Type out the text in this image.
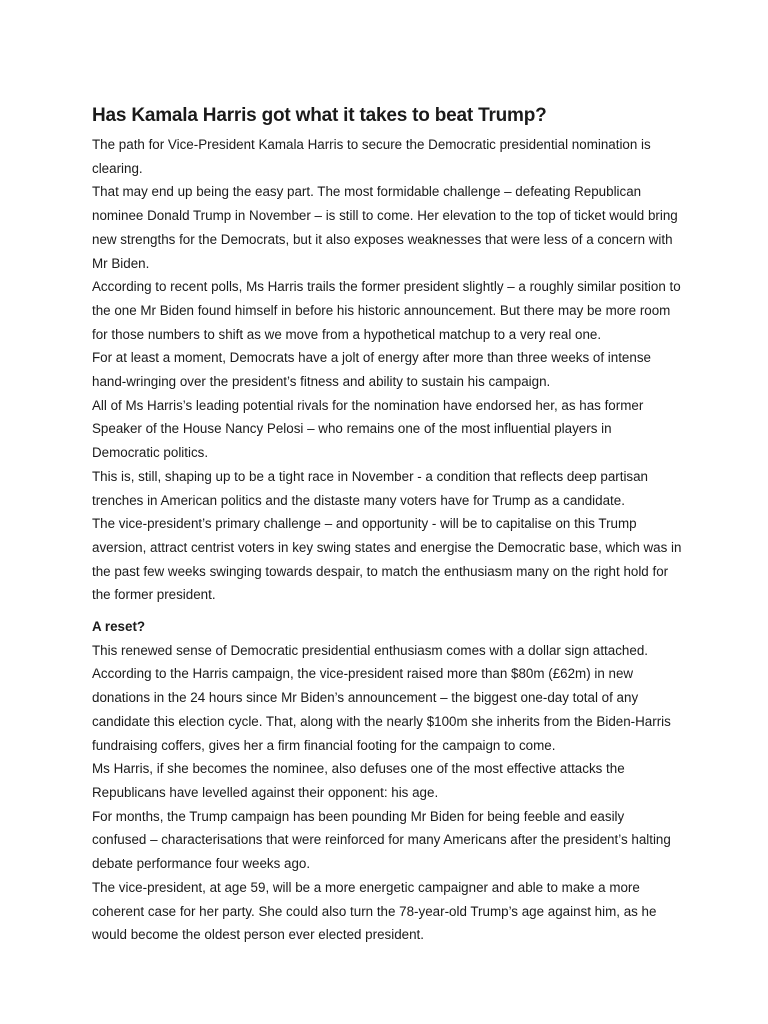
Has Kamala Harris got what it takes to beat Trump?

The path for Vice-President Kamala Harris to secure the Democratic presidential nomination is clearing.

That may end up being the easy part. The most formidable challenge – defeating Republican nominee Donald Trump in November – is still to come. Her elevation to the top of ticket would bring new strengths for the Democrats, but it also exposes weaknesses that were less of a concern with Mr Biden.

According to recent polls, Ms Harris trails the former president slightly – a roughly similar position to the one Mr Biden found himself in before his historic announcement. But there may be more room for those numbers to shift as we move from a hypothetical matchup to a very real one.

For at least a moment, Democrats have a jolt of energy after more than three weeks of intense hand-wringing over the president’s fitness and ability to sustain his campaign.

All of Ms Harris’s leading potential rivals for the nomination have endorsed her, as has former Speaker of the House Nancy Pelosi – who remains one of the most influential players in Democratic politics.

This is, still, shaping up to be a tight race in November - a condition that reflects deep partisan trenches in American politics and the distaste many voters have for Trump as a candidate.

The vice-president’s primary challenge – and opportunity - will be to capitalise on this Trump aversion, attract centrist voters in key swing states and energise the Democratic base, which was in the past few weeks swinging towards despair, to match the enthusiasm many on the right hold for the former president.

A reset?

This renewed sense of Democratic presidential enthusiasm comes with a dollar sign attached.

According to the Harris campaign, the vice-president raised more than $80m (£62m) in new donations in the 24 hours since Mr Biden’s announcement – the biggest one-day total of any candidate this election cycle. That, along with the nearly $100m she inherits from the Biden-Harris fundraising coffers, gives her a firm financial footing for the campaign to come.

Ms Harris, if she becomes the nominee, also defuses one of the most effective attacks the Republicans have levelled against their opponent: his age.

For months, the Trump campaign has been pounding Mr Biden for being feeble and easily confused – characterisations that were reinforced for many Americans after the president’s halting debate performance four weeks ago.

The vice-president, at age 59, will be a more energetic campaigner and able to make a more coherent case for her party. She could also turn the 78-year-old Trump’s age against him, as he would become the oldest person ever elected president.
